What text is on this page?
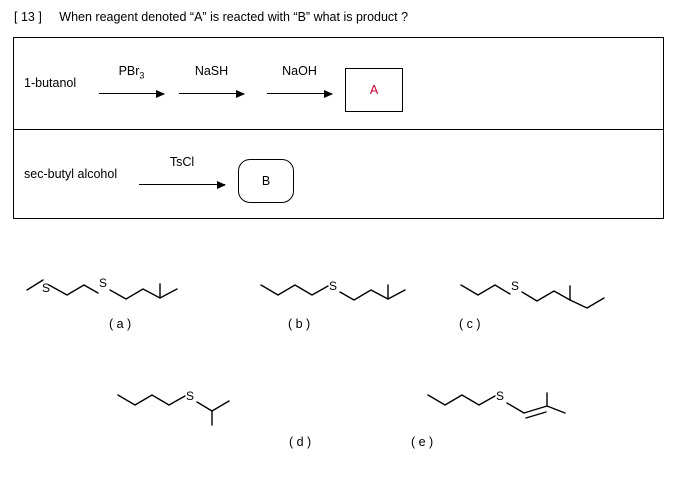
[ 13 ] When reagent denoted “A” is reacted with “B” what is product ?
1-butanol
PBr$_3$	NaSH	NaOH
A
sec-butyl alcohol
TsCl
B
S	S
( a )
S
( b )
S
( c )
S
( d )
S
( e )
